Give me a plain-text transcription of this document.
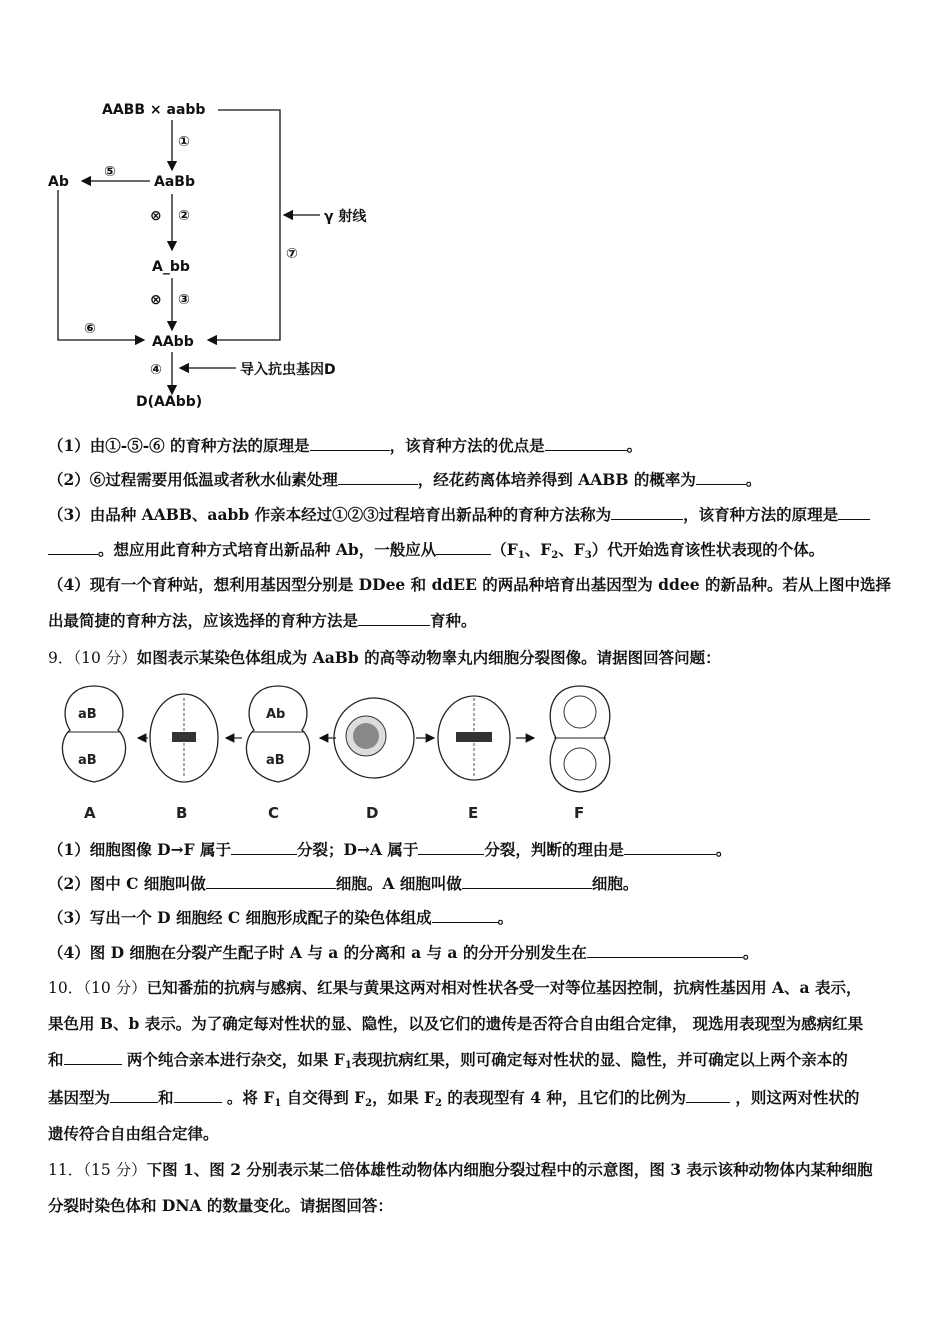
AABB × aabb
①
AaBb
⑤
Ab
⊗ ②
A_bb
⊗ ③
⑥
AAbb
γ 射线
⑦
④	导入抗虫基因D
D(AAbb)
（1）由①-⑤-⑥ 的育种方法的原理是	，该育种方法的优点是	。
（2）⑥过程需要用低温或者秋水仙素处理	，经花药离体培养得到 AABB 的概率为	。
（3）由品种 AABB、aabb 作亲本经过①②③过程培育出新品种的育种方法称为	，该育种方法的原理是
。想应用此育种方式培育出新品种 Ab，一般应从	（$F_1$、$F_2$、$F_3$）代开始选育该性状表现的个体。
（4）现有一个育种站，想利用基因型分别是 DDee 和 ddEE 的两品种培育出基因型为 ddee 的新品种。若从上图中选择
出最简捷的育种方法，应该选择的育种方法是	育种。
9．（10 分）如图表示某染色体组成为 AaBb 的高等动物睾丸内细胞分裂图像。请据图回答问题：
aB
aB
A	B
Ab
aB
C	D	E	F
（1）细胞图像 D→F 属于	分裂；D→A 属于	分裂，判断的理由是	。
（2）图中 C 细胞叫做	细胞。A 细胞叫做	细胞。
（3）写出一个 D 细胞经 C 细胞形成配子的染色体组成	。
（4）图 D 细胞在分裂产生配子时 A 与 a 的分离和 a 与 a 的分开分别发生在	。
10．（10 分）已知番茄的抗病与感病、红果与黄果这两对相对性状各受一对等位基因控制，抗病性基因用 A、a 表示，
果色用 B、b 表示。为了确定每对性状的显、隐性，以及它们的遗传是否符合自由组合定律， 现选用表现型为感病红果
和	两个纯合亲本进行杂交，如果 $F_1$表现抗病红果，则可确定每对性状的显、隐性，并可确定以上两个亲本的
基因型为	和	。将 $F_1$ 自交得到 $F_2$，如果 $F_2$ 的表现型有 4 种，且它们的比例为	，则这两对性状的
遗传符合自由组合定律。
11．（15 分）下图 1、图 2 分别表示某二倍体雄性动物体内细胞分裂过程中的示意图，图 3 表示该种动物体内某种细胞
分裂时染色体和 DNA 的数量变化。请据图回答：
